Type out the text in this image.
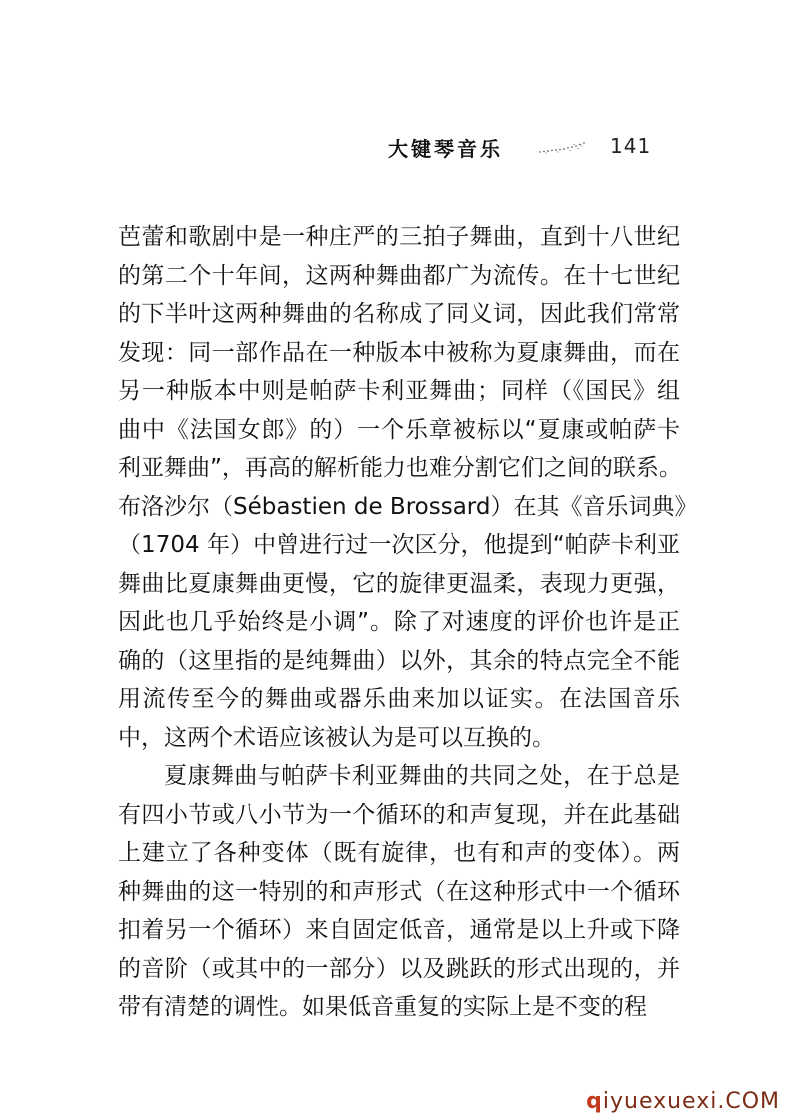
大键琴音乐	141
芭蕾和歌剧中是一种庄严的三拍子舞曲，直到十八世纪
的第二个十年间，这两种舞曲都广为流传。在十七世纪
的下半叶这两种舞曲的名称成了同义词，因此我们常常
发现：同一部作品在一种版本中被称为夏康舞曲，而在
另一种版本中则是帕萨卡利亚舞曲；同样（《国民》组
曲中《法国女郎》的）一个乐章被标以“夏康或帕萨卡
利亚舞曲”，再高的解析能力也难分割它们之间的联系。
布洛沙尔（Sébastien de Brossard）在其《音乐词典》
（1704 年）中曾进行过一次区分，他提到“帕萨卡利亚
舞曲比夏康舞曲更慢，它的旋律更温柔，表现力更强，
因此也几乎始终是小调”。除了对速度的评价也许是正
确的（这里指的是纯舞曲）以外，其余的特点完全不能
用流传至今的舞曲或器乐曲来加以证实。在法国音乐
中，这两个术语应该被认为是可以互换的。
夏康舞曲与帕萨卡利亚舞曲的共同之处，在于总是
有四小节或八小节为一个循环的和声复现，并在此基础
上建立了各种变体（既有旋律，也有和声的变体）。两
种舞曲的这一特别的和声形式（在这种形式中一个循环
扣着另一个循环）来自固定低音，通常是以上升或下降
的音阶（或其中的一部分）以及跳跃的形式出现的，并
带有清楚的调性。如果低音重复的实际上是不变的程
qiyuexuexi.COM
